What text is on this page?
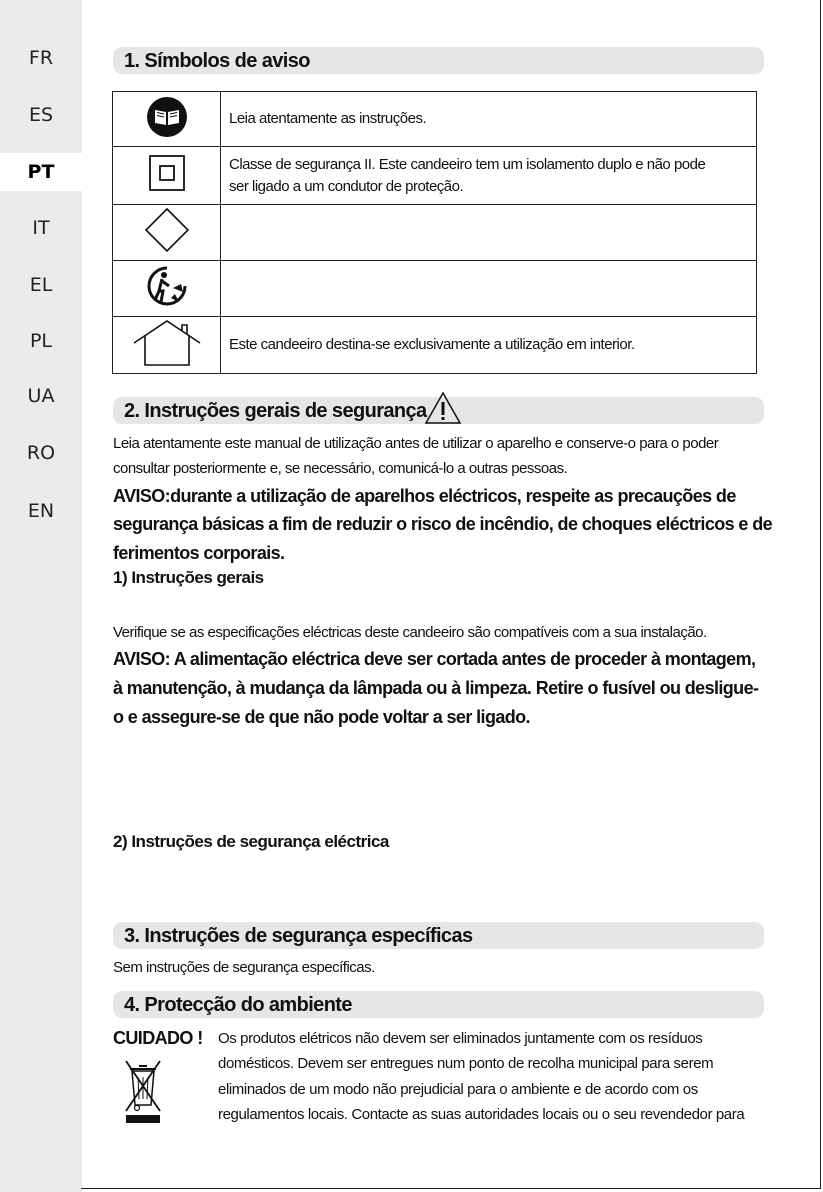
FR
ES
PT
IT
EL
PL
UA
RO
EN
1. Símbolos de aviso
	Leia atentamente as instruções.

Classe de segurança II. Este candeeiro tem um isolamento duplo e não pode
ser ligado a um condutor de proteção.

	Este candeeiro destina-se exclusivamente a utilização em interior.
2. Instruções gerais de segurança
Leia atentamente este manual de utilização antes de utilizar o aparelho e conserve-o para o poder
consultar posteriormente e, se necessário, comunicá-lo a outras pessoas.
AVISO:durante a utilização de aparelhos eléctricos, respeite as precauções de
segurança básicas a fim de reduzir o risco de incêndio, de choques eléctricos e de
ferimentos corporais.
1) Instruções gerais
Verifique se as especificações eléctricas deste candeeiro são compatíveis com a sua instalação.
AVISO: A alimentação eléctrica deve ser cortada antes de proceder à montagem,
à manutenção, à mudança da lâmpada ou à limpeza. Retire o fusível ou desligue-
o e assegure-se de que não pode voltar a ser ligado.
2) Instruções de segurança eléctrica
3. Instruções de segurança específicas
Sem instruções de segurança específicas.
4. Protecção do ambiente
CUIDADO ! Os produtos elétricos não devem ser eliminados juntamente com os resíduos
domésticos. Devem ser entregues num ponto de recolha municipal para serem
eliminados de um modo não prejudicial para o ambiente e de acordo com os
regulamentos locais. Contacte as suas autoridades locais ou o seu revendedor para
